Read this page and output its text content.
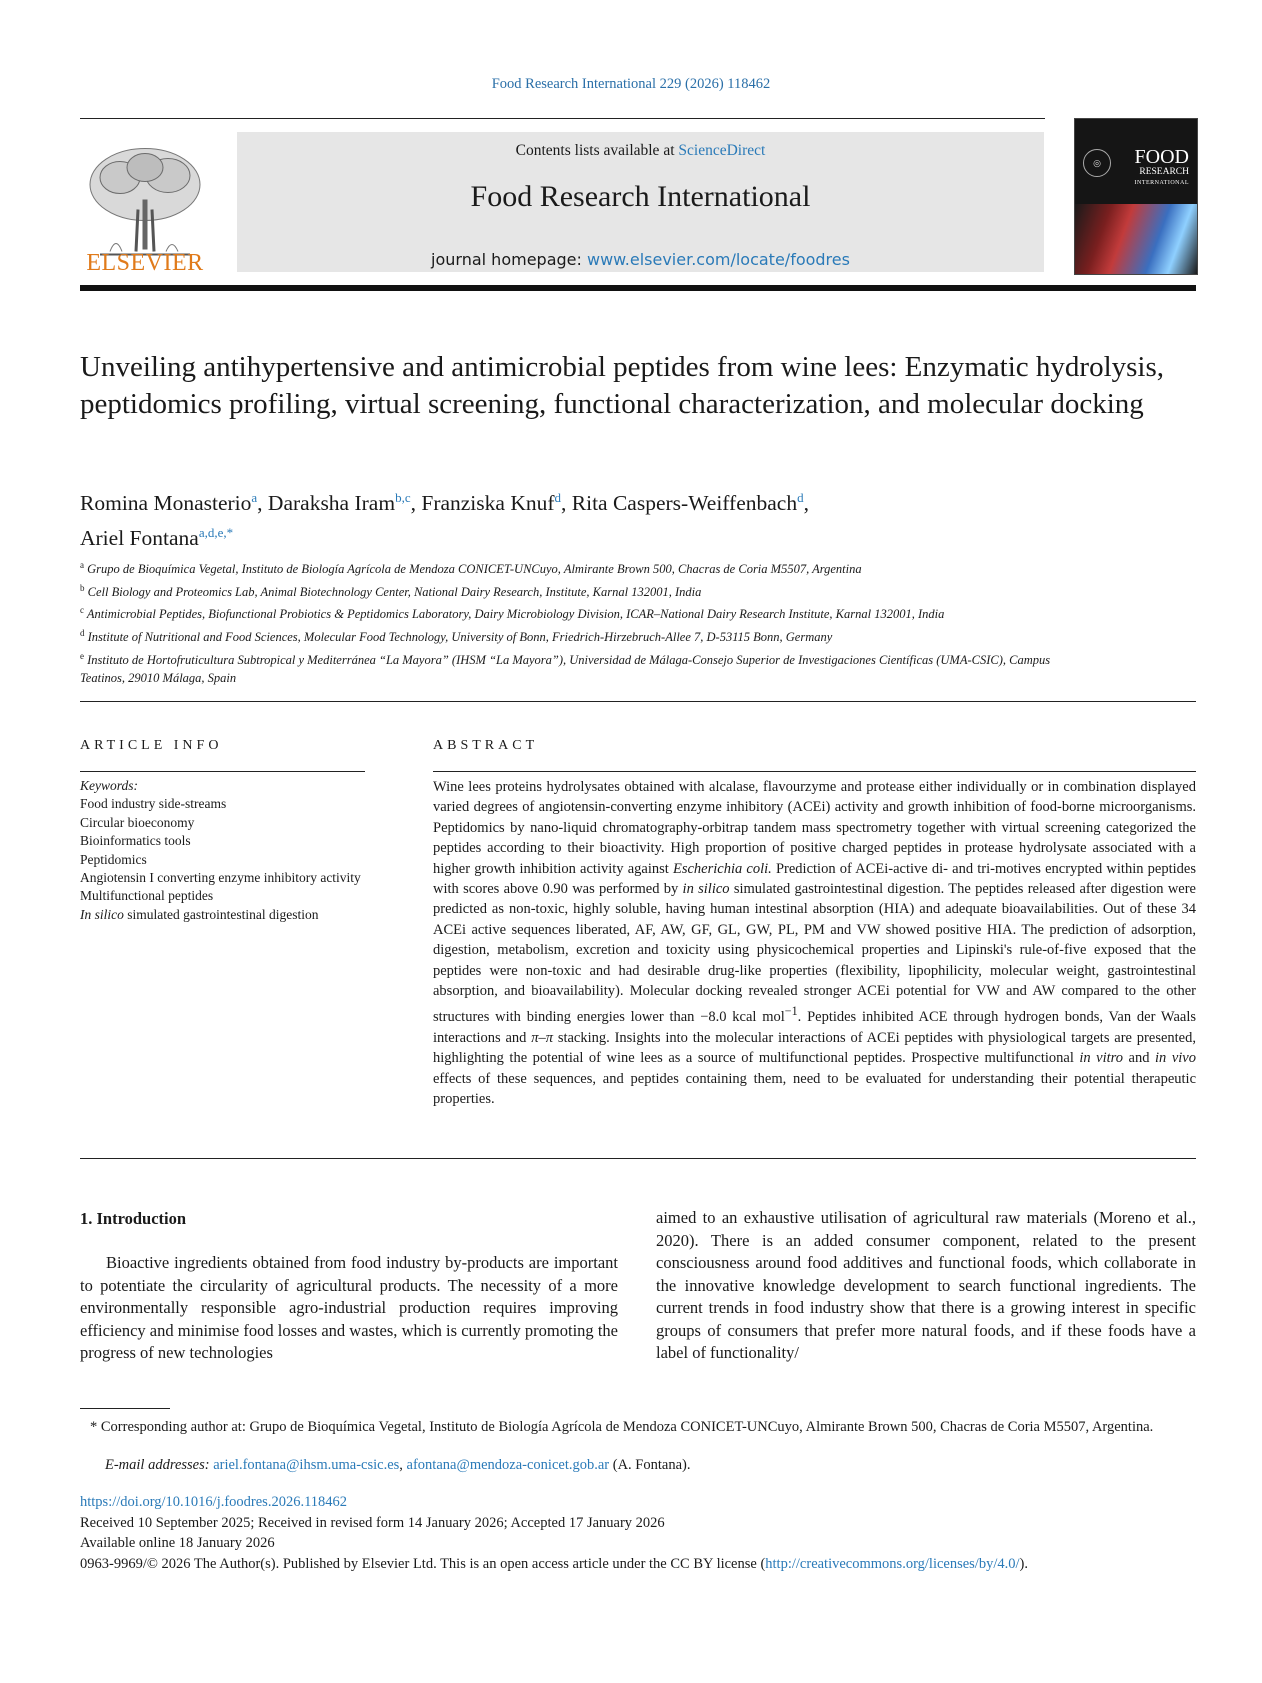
Food Research International 229 (2026) 118462
ELSEVIER
Contents lists available at ScienceDirect
Food Research International
journal homepage: www.elsevier.com/locate/foodres
◎	FOOD
RESEARCH
INTERNATIONAL
Unveiling antihypertensive and antimicrobial peptides from wine lees: Enzymatic hydrolysis, peptidomics profiling, virtual screening, functional characterization, and molecular docking
Romina Monasterio$^a$, Daraksha Iram$^{b,c}$, Franziska Knuf$^d$, Rita Caspers-Weiffenbach$^d$,
Ariel Fontana$^{a,d,e,*}$
$^a$ Grupo de Bioquímica Vegetal, Instituto de Biología Agrícola de Mendoza CONICET-UNCuyo, Almirante Brown 500, Chacras de Coria M5507, Argentina
$^b$ Cell Biology and Proteomics Lab, Animal Biotechnology Center, National Dairy Research, Institute, Karnal 132001, India
$^c$ Antimicrobial Peptides, Biofunctional Probiotics & Peptidomics Laboratory, Dairy Microbiology Division, ICAR–National Dairy Research Institute, Karnal 132001, India
$^d$ Institute of Nutritional and Food Sciences, Molecular Food Technology, University of Bonn, Friedrich-Hirzebruch-Allee 7, D-53115 Bonn, Germany
$^e$ Instituto de Hortofruticultura Subtropical y Mediterránea “La Mayora” (IHSM “La Mayora”), Universidad de Málaga-Consejo Superior de Investigaciones Científicas (UMA-CSIC), Campus Teatinos, 29010 Málaga, Spain
ARTICLE INFO
Keywords:
Food industry side-streams
Circular bioeconomy
Bioinformatics tools
Peptidomics
Angiotensin I converting enzyme inhibitory activity
Multifunctional peptides
In silico simulated gastrointestinal digestion
ABSTRACT

Wine lees proteins hydrolysates obtained with alcalase, flavourzyme and protease either individually or in combination displayed varied degrees of angiotensin-converting enzyme inhibitory (ACEi) activity and growth inhibition of food-borne microorganisms. Peptidomics by nano-liquid chromatography-orbitrap tandem mass spectrometry together with virtual screening categorized the peptides according to their bioactivity. High proportion of positive charged peptides in protease hydrolysate associated with a higher growth inhibition activity against Escherichia coli. Prediction of ACEi-active di- and tri-motives encrypted within peptides with scores above 0.90 was performed by in silico simulated gastrointestinal digestion. The peptides released after digestion were predicted as non-toxic, highly soluble, having human intestinal absorption (HIA) and adequate bioavailabilities. Out of these 34 ACEi active sequences liberated, AF, AW, GF, GL, GW, PL, PM and VW showed positive HIA. The prediction of adsorption, digestion, metabolism, excretion and toxicity using physicochemical properties and Lipinski's rule-of-five exposed that the peptides were non-toxic and had desirable drug-like properties (flexibility, lipophilicity, molecular weight, gastrointestinal absorption, and bioavailability). Molecular docking revealed stronger ACEi potential for VW and AW compared to the other structures with binding energies lower than −8.0 kcal mol$^{-1}$. Peptides inhibited ACE through hydrogen bonds, Van der Waals interactions and π–π stacking. Insights into the molecular interactions of ACEi peptides with physiological targets are presented, highlighting the potential of wine lees as a source of multifunctional peptides. Prospective multifunctional in vitro and in vivo effects of these sequences, and peptides containing them, need to be evaluated for understanding their potential therapeutic properties.

1. Introduction

Bioactive ingredients obtained from food industry by-products are important to potentiate the circularity of agricultural products. The necessity of a more environmentally responsible agro-industrial production requires improving efficiency and minimise food losses and wastes, which is currently promoting the progress of new technologies

aimed to an exhaustive utilisation of agricultural raw materials (Moreno et al., 2020). There is an added consumer component, related to the present consciousness around food additives and functional foods, which collaborate in the innovative knowledge development to search functional ingredients. The current trends in food industry show that there is a growing interest in specific groups of consumers that prefer more natural foods, and if these foods have a label of functionality/

* Corresponding author at: Grupo de Bioquímica Vegetal, Instituto de Biología Agrícola de Mendoza CONICET-UNCuyo, Almirante Brown 500, Chacras de Coria M5507, Argentina.
E-mail addresses: ariel.fontana@ihsm.uma-csic.es, afontana@mendoza-conicet.gob.ar (A. Fontana).
https://doi.org/10.1016/j.foodres.2026.118462
Received 10 September 2025; Received in revised form 14 January 2026; Accepted 17 January 2026
Available online 18 January 2026
0963-9969/© 2026 The Author(s). Published by Elsevier Ltd. This is an open access article under the CC BY license (http://creativecommons.org/licenses/by/4.0/).
